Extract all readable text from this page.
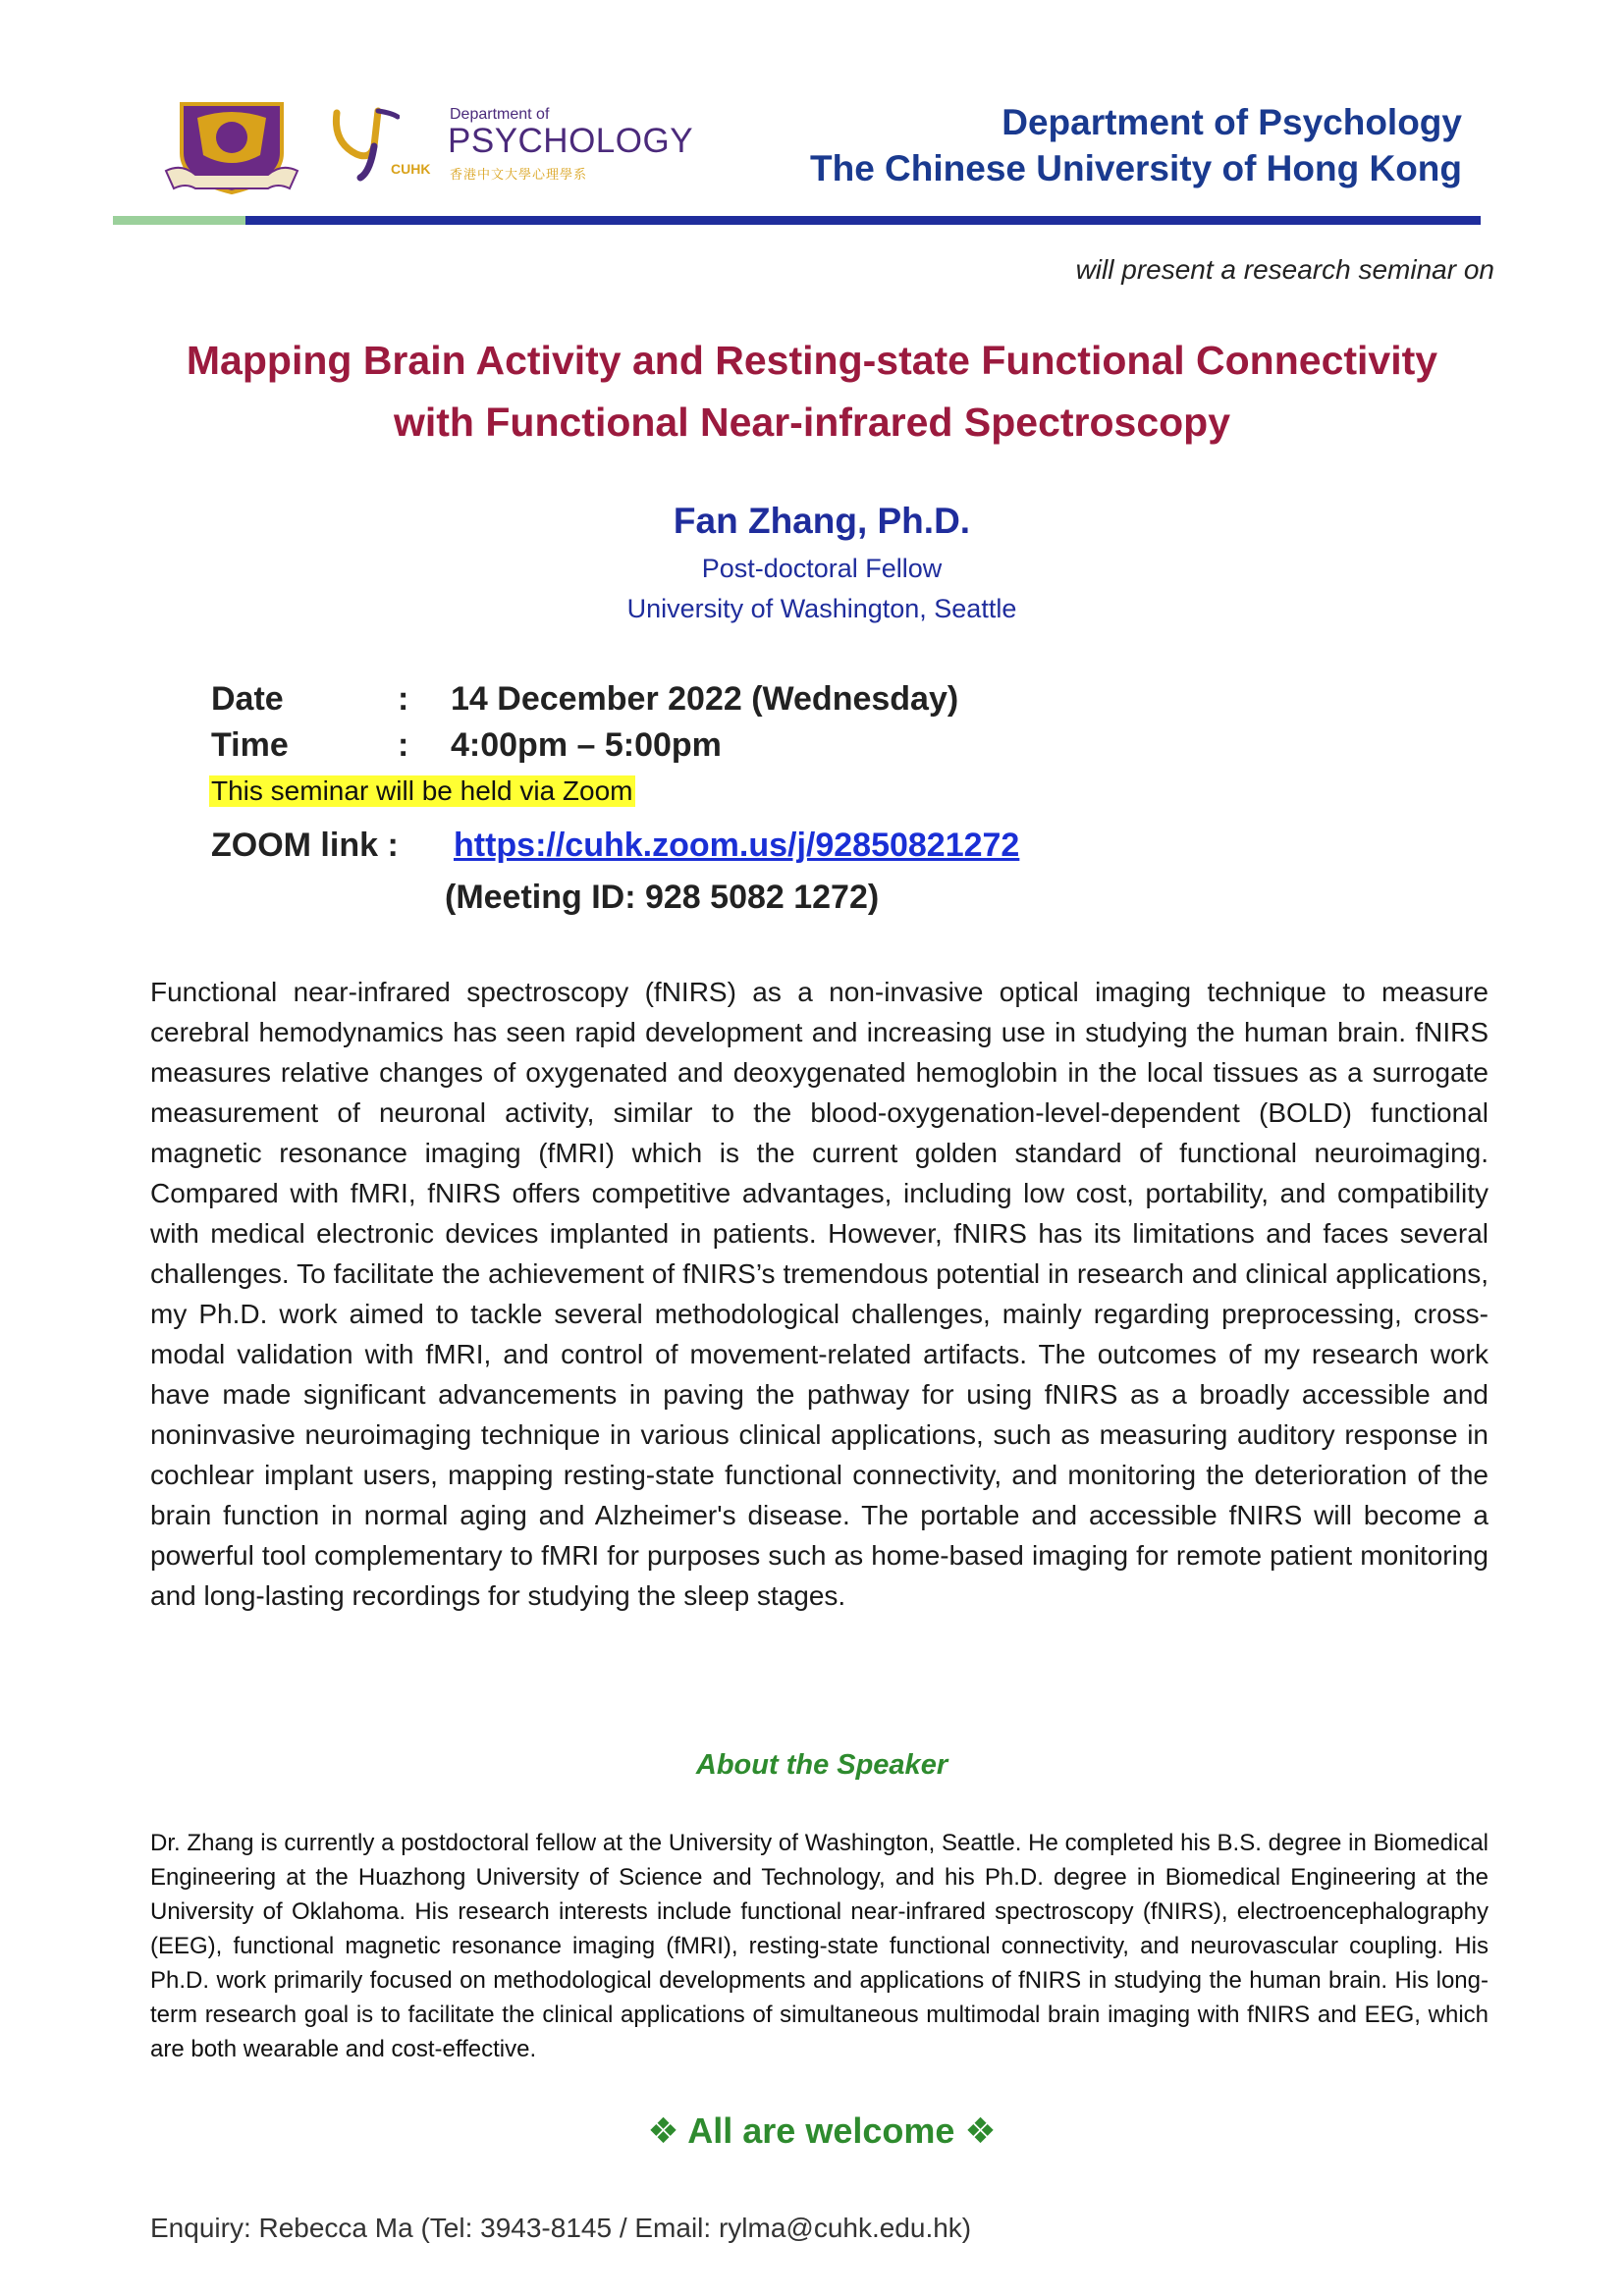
Department of
PSYCHOLOGY
CUHK 香港中文大學心理學系
Department of Psychology
The Chinese University of Hong Kong
will present a research seminar on
Mapping Brain Activity and Resting-state Functional Connectivity
with Functional Near-infrared Spectroscopy
Fan Zhang, Ph.D.
Post-doctoral Fellow
University of Washington, Seattle
Date	: 14 December 2022 (Wednesday)
Time	: 4:00pm – 5:00pm
This seminar will be held via Zoom
ZOOM link : https://cuhk.zoom.us/j/92850821272
(Meeting ID: 928 5082 1272)
Functional near-infrared spectroscopy (fNIRS) as a non-invasive optical imaging technique to measure cerebral hemodynamics has seen rapid development and increasing use in studying the human brain. fNIRS measures relative changes of oxygenated and deoxygenated hemoglobin in the local tissues as a surrogate measurement of neuronal activity, similar to the blood-oxygenation-level-dependent (BOLD) functional magnetic resonance imaging (fMRI) which is the current golden standard of functional neuroimaging. Compared with fMRI, fNIRS offers competitive advantages, including low cost, portability, and compatibility with medical electronic devices implanted in patients. However, fNIRS has its limitations and faces several challenges. To facilitate the achievement of fNIRS’s tremendous potential in research and clinical applications, my Ph.D. work aimed to tackle several methodological challenges, mainly regarding preprocessing, cross-modal validation with fMRI, and control of movement-related artifacts. The outcomes of my research work have made significant advancements in paving the pathway for using fNIRS as a broadly accessible and noninvasive neuroimaging technique in various clinical applications, such as measuring auditory response in cochlear implant users, mapping resting-state functional connectivity, and monitoring the deterioration of the brain function in normal aging and Alzheimer's disease. The portable and accessible fNIRS will become a powerful tool complementary to fMRI for purposes such as home-based imaging for remote patient monitoring and long-lasting recordings for studying the sleep stages.
About the Speaker
Dr. Zhang is currently a postdoctoral fellow at the University of Washington, Seattle. He completed his B.S. degree in Biomedical Engineering at the Huazhong University of Science and Technology, and his Ph.D. degree in Biomedical Engineering at the University of Oklahoma. His research interests include functional near-infrared spectroscopy (fNIRS), electroencephalography (EEG), functional magnetic resonance imaging (fMRI), resting-state functional connectivity, and neurovascular coupling. His Ph.D. work primarily focused on methodological developments and applications of fNIRS in studying the human brain. His long-term research goal is to facilitate the clinical applications of simultaneous multimodal brain imaging with fNIRS and EEG, which are both wearable and cost-effective.
❖ All are welcome ❖
Enquiry: Rebecca Ma (Tel: 3943-8145 / Email: rylma@cuhk.edu.hk)
